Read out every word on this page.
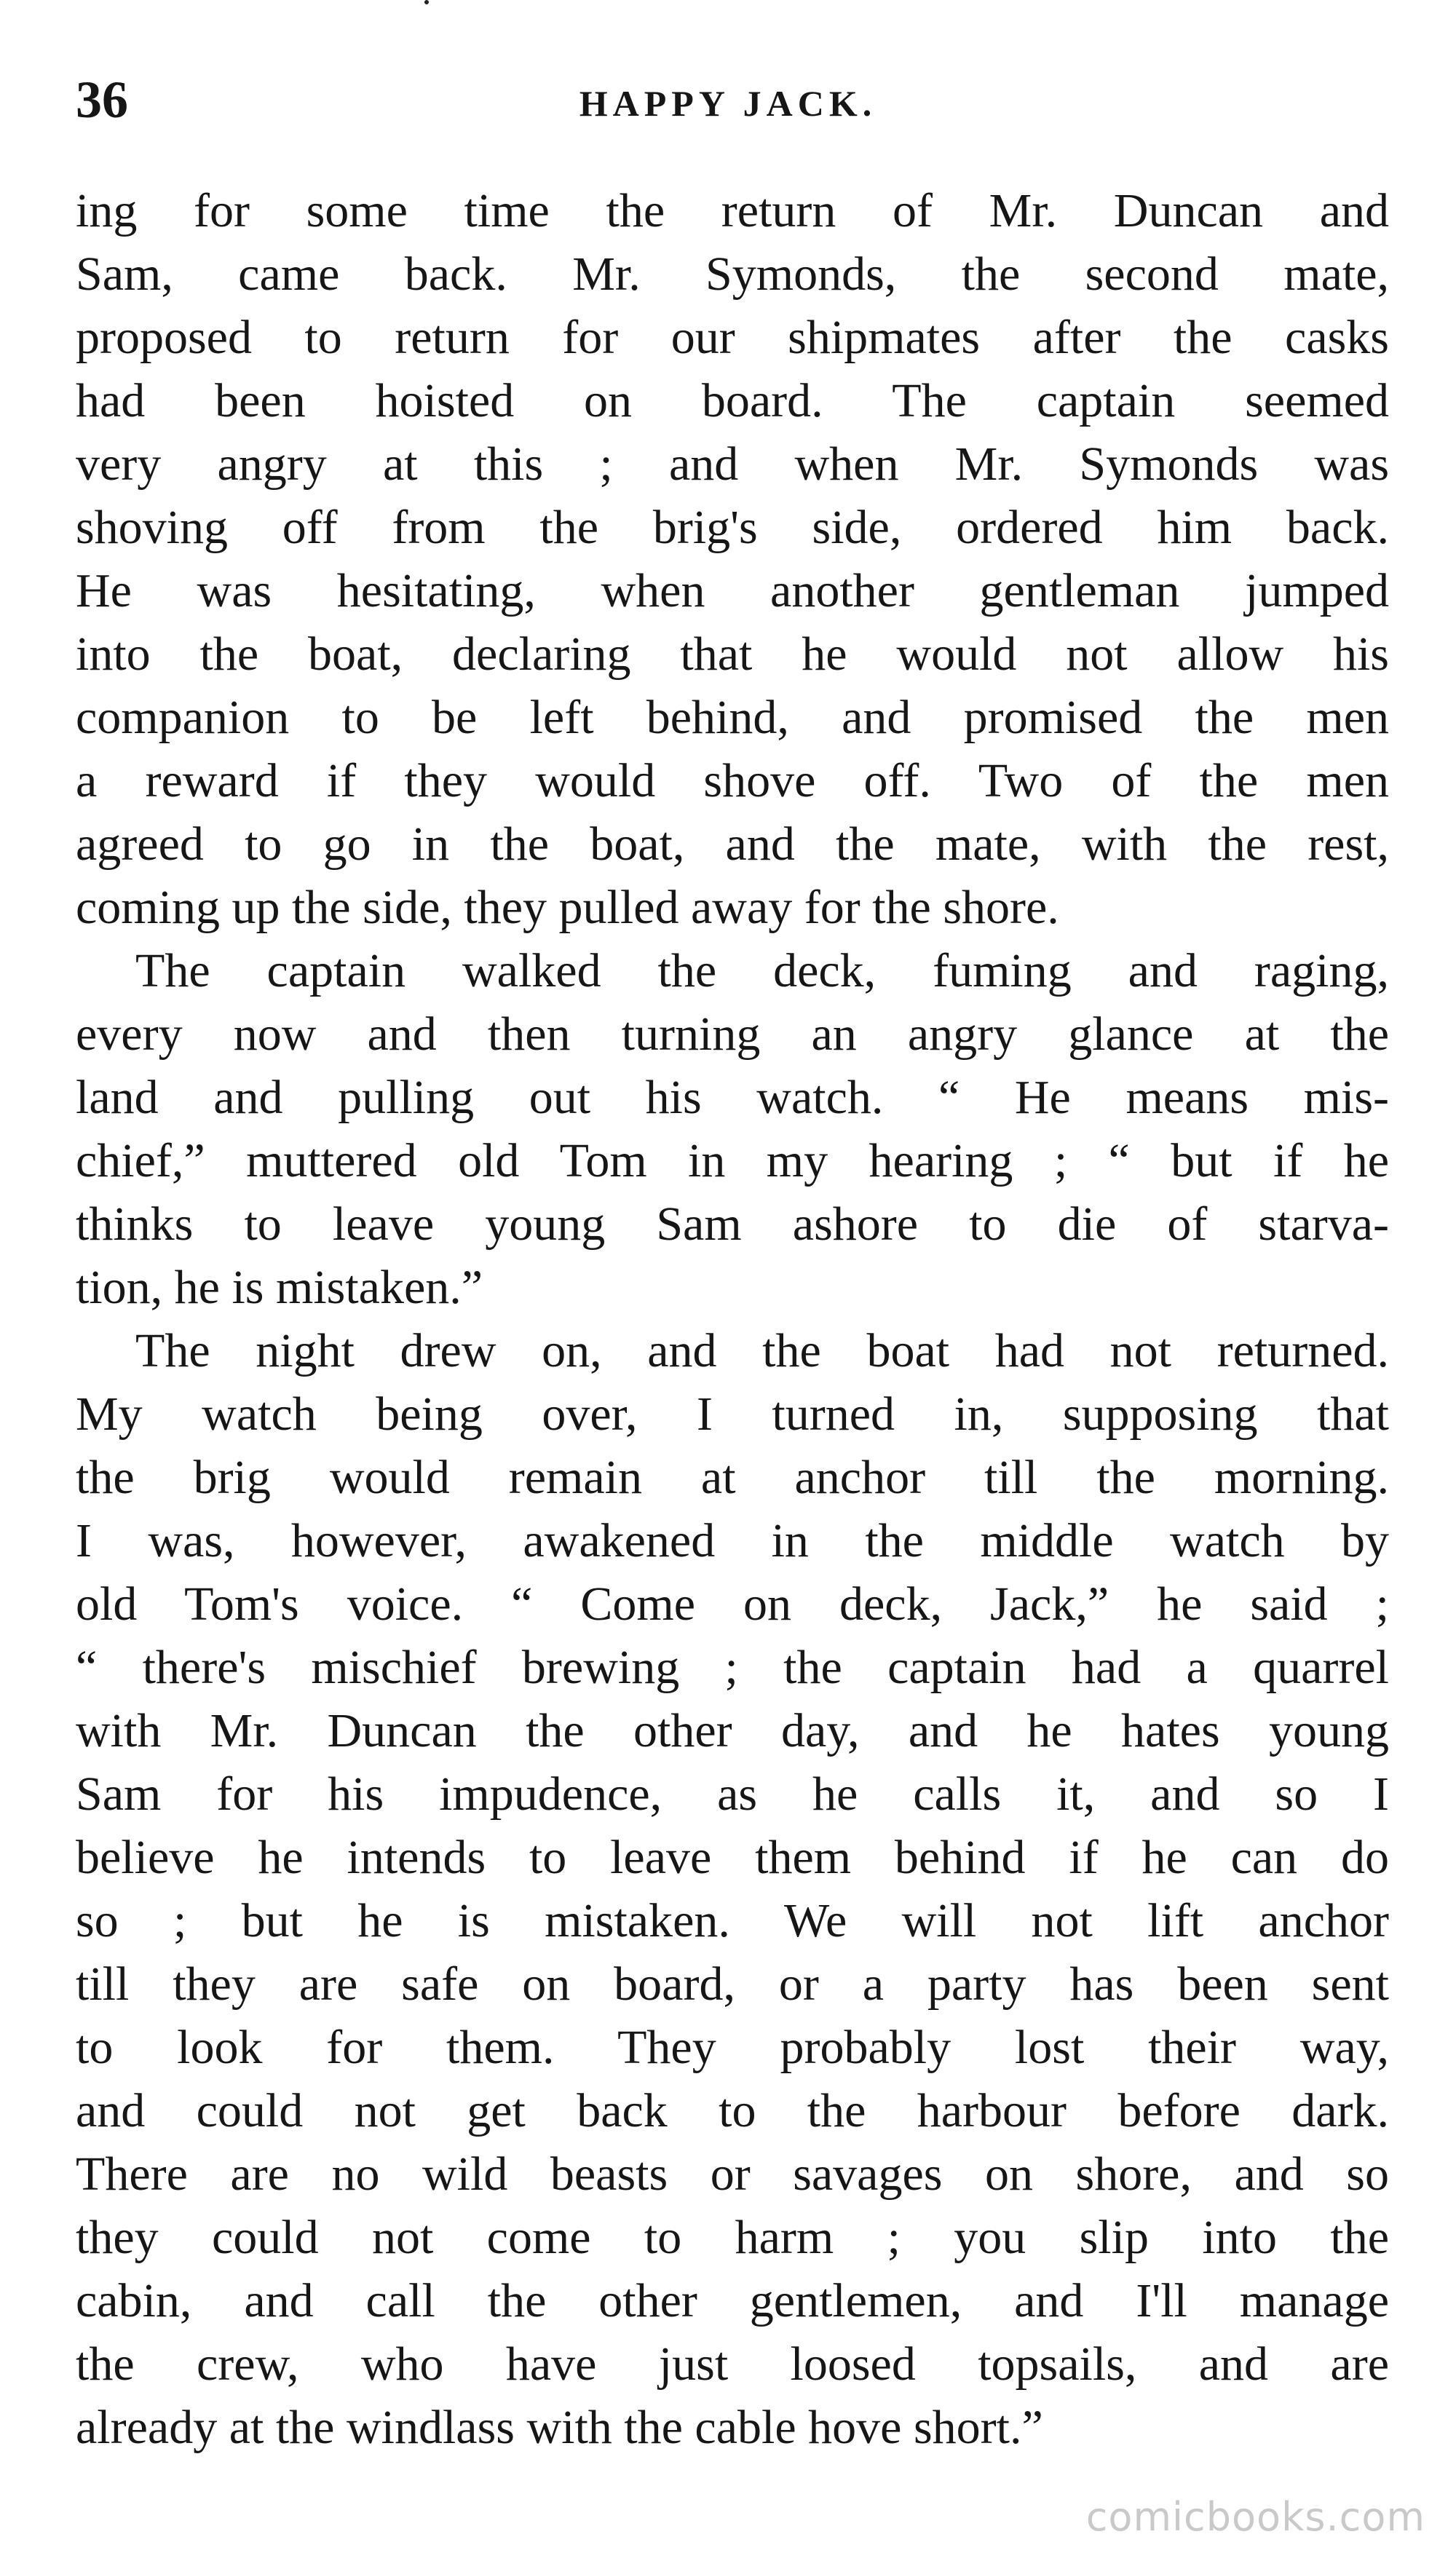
36	HAPPY JACK.
ing for some time the return of Mr. Duncan and
Sam, came back. Mr. Symonds, the second mate,
proposed to return for our shipmates after the casks
had been hoisted on board. The captain seemed
very angry at this ; and when Mr. Symonds was
shoving off from the brig's side, ordered him back.
He was hesitating, when another gentleman jumped
into the boat, declaring that he would not allow his
companion to be left behind, and promised the men
a reward if they would shove off. Two of the men
agreed to go in the boat, and the mate, with the rest,
coming up the side, they pulled away for the shore.
The captain walked the deck, fuming and raging,
every now and then turning an angry glance at the
land and pulling out his watch. “ He means mis-
chief,” muttered old Tom in my hearing ; “ but if he
thinks to leave young Sam ashore to die of starva-
tion, he is mistaken.”
The night drew on, and the boat had not returned.
My watch being over, I turned in, supposing that
the brig would remain at anchor till the morning.
I was, however, awakened in the middle watch by
old Tom's voice. “ Come on deck, Jack,” he said ;
“ there's mischief brewing ; the captain had a quarrel
with Mr. Duncan the other day, and he hates young
Sam for his impudence, as he calls it, and so I
believe he intends to leave them behind if he can do
so ; but he is mistaken. We will not lift anchor
till they are safe on board, or a party has been sent
to look for them. They probably lost their way,
and could not get back to the harbour before dark.
There are no wild beasts or savages on shore, and so
they could not come to harm ; you slip into the
cabin, and call the other gentlemen, and I'll manage
the crew, who have just loosed topsails, and are
already at the windlass with the cable hove short.”
comicbooks.com
